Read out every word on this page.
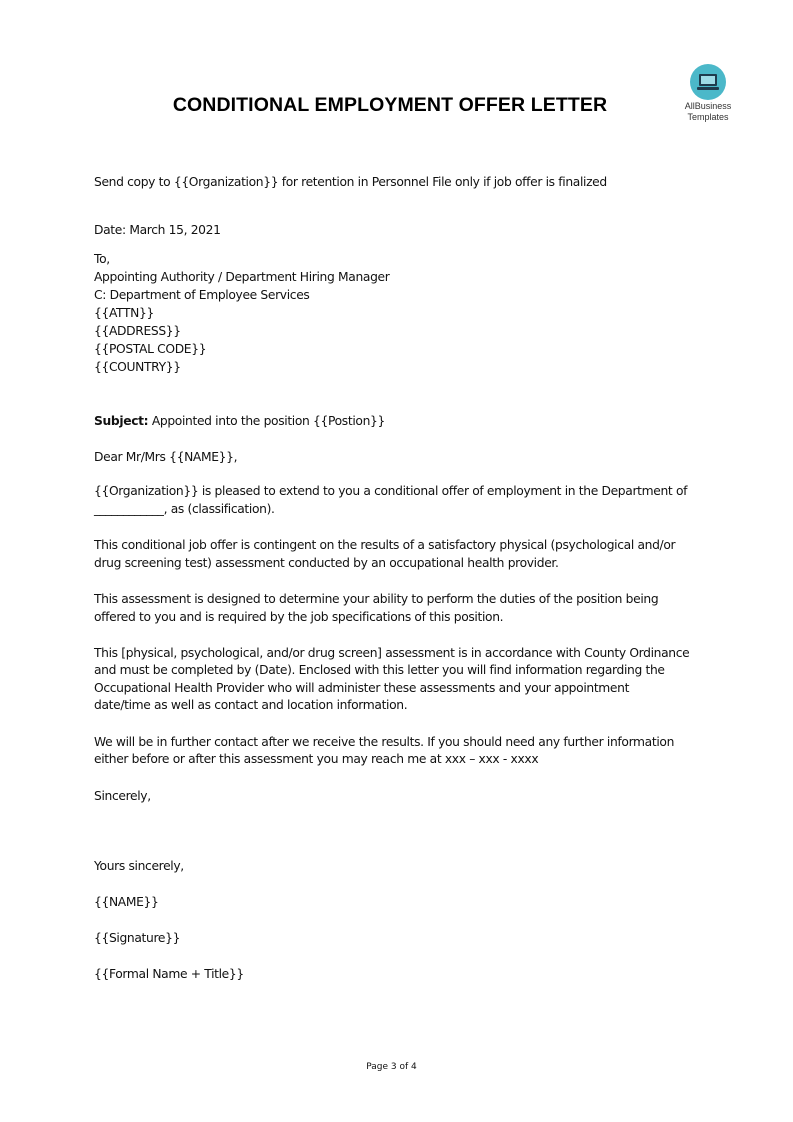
CONDITIONAL EMPLOYMENT OFFER LETTER	AllBusiness
Templates
Send copy to {{Organization}} for retention in Personnel File only if job offer is finalized
Date: March 15, 2021
To,
Appointing Authority / Department Hiring Manager
C: Department of Employee Services
{{ATTN}}
{{ADDRESS}}
{{POSTAL CODE}}
{{COUNTRY}}
Subject: Appointed into the position {{Postion}}
Dear Mr/Mrs {{NAME}},
{{Organization}} is pleased to extend to you a conditional offer of employment in the Department of
____________, as (classification).
This conditional job offer is contingent on the results of a satisfactory physical (psychological and/or
drug screening test) assessment conducted by an occupational health provider.
This assessment is designed to determine your ability to perform the duties of the position being
offered to you and is required by the job specifications of this position.
This [physical, psychological, and/or drug screen] assessment is in accordance with County Ordinance
and must be completed by (Date). Enclosed with this letter you will find information regarding the
Occupational Health Provider who will administer these assessments and your appointment
date/time as well as contact and location information.
We will be in further contact after we receive the results. If you should need any further information
either before or after this assessment you may reach me at xxx – xxx - xxxx
Sincerely,
Yours sincerely,
{{NAME}}
{{Signature}}
{{Formal Name + Title}}
Page 3 of 4
